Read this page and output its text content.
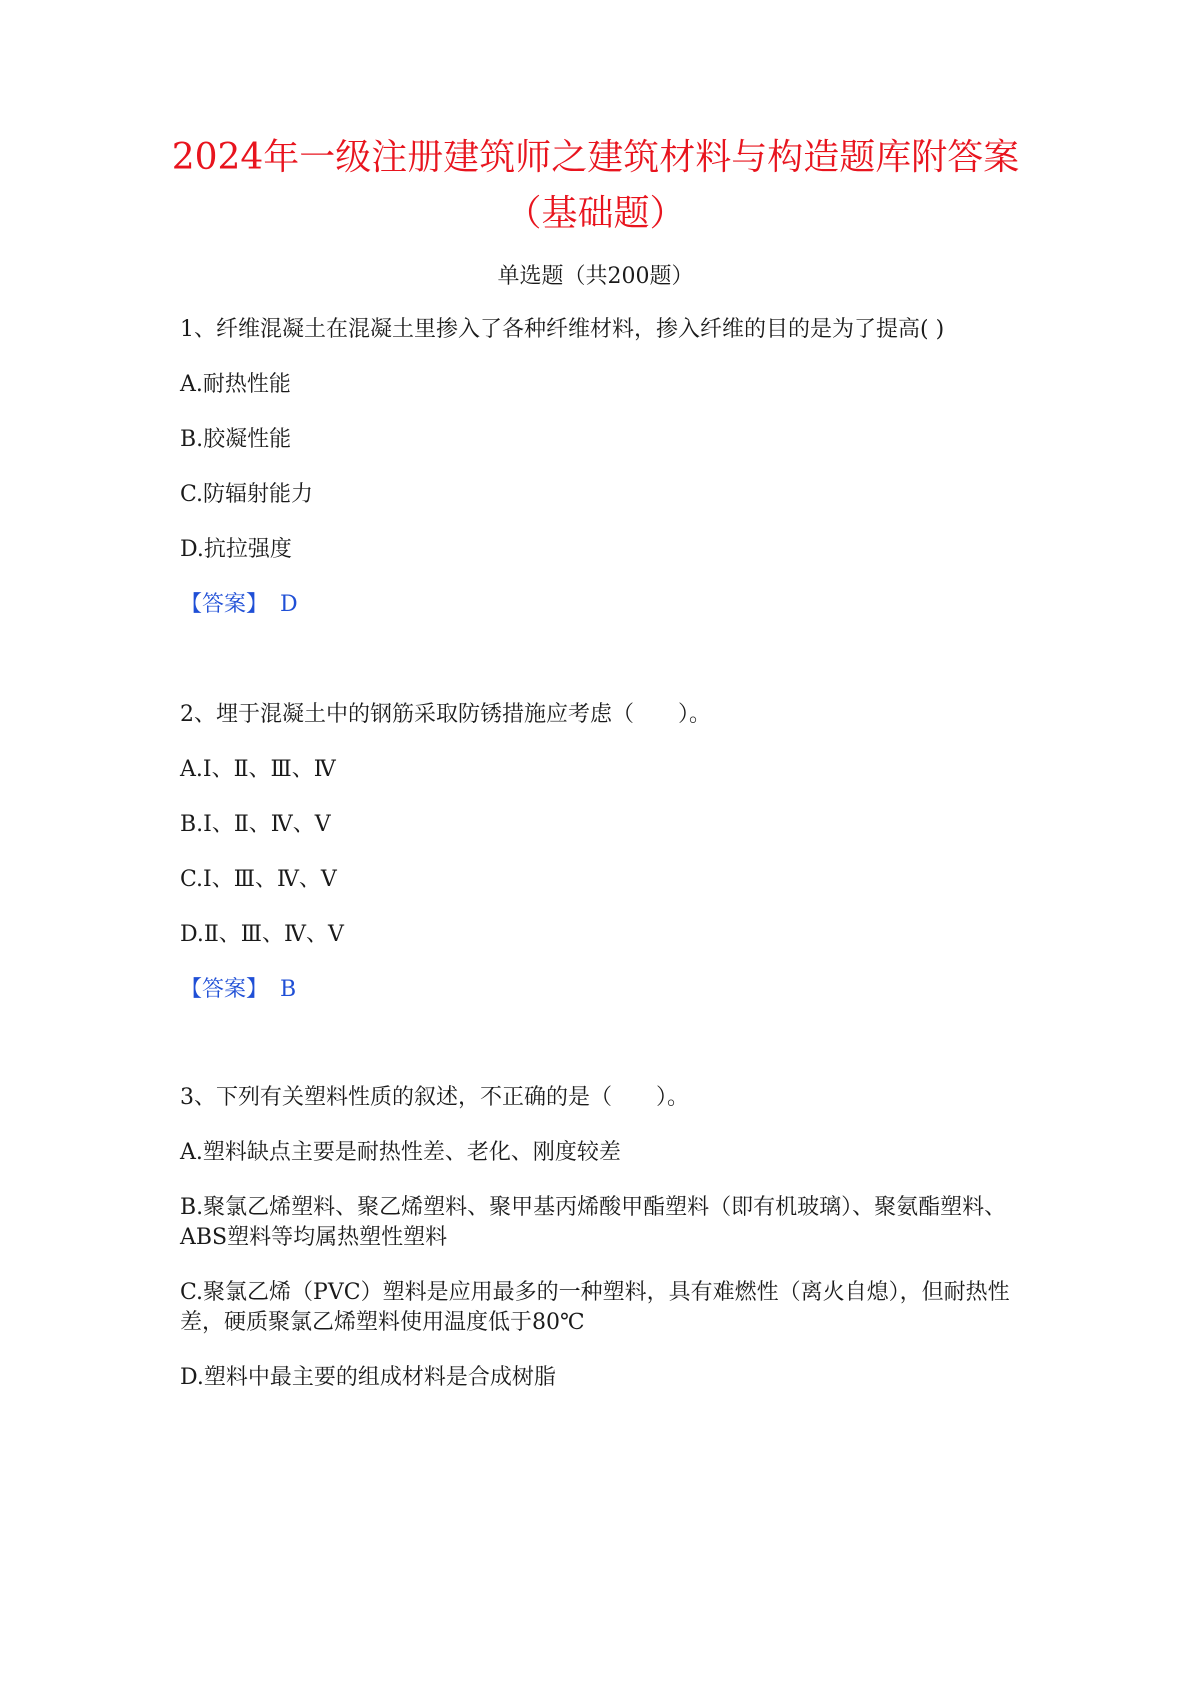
2024年一级注册建筑师之建筑材料与构造题库附答案（基础题）
单选题（共200题）
1、纤维混凝土在混凝土里掺入了各种纤维材料，掺入纤维的目的是为了提高( )
A.耐热性能
B.胶凝性能
C.防辐射能力
D.抗拉强度
【答案】 D
2、埋于混凝土中的钢筋采取防锈措施应考虑（　　）。
A.Ⅰ、Ⅱ、Ⅲ、Ⅳ
B.Ⅰ、Ⅱ、Ⅳ、Ⅴ
C.Ⅰ、Ⅲ、Ⅳ、Ⅴ
D.Ⅱ、Ⅲ、Ⅳ、Ⅴ
【答案】 B
3、下列有关塑料性质的叙述，不正确的是（　　）。
A.塑料缺点主要是耐热性差、老化、刚度较差
B.聚氯乙烯塑料、聚乙烯塑料、聚甲基丙烯酸甲酯塑料（即有机玻璃）、聚氨酯塑料、ABS塑料等均属热塑性塑料
C.聚氯乙烯（PVC）塑料是应用最多的一种塑料，具有难燃性（离火自熄），但耐热性差，硬质聚氯乙烯塑料使用温度低于80℃
D.塑料中最主要的组成材料是合成树脂
